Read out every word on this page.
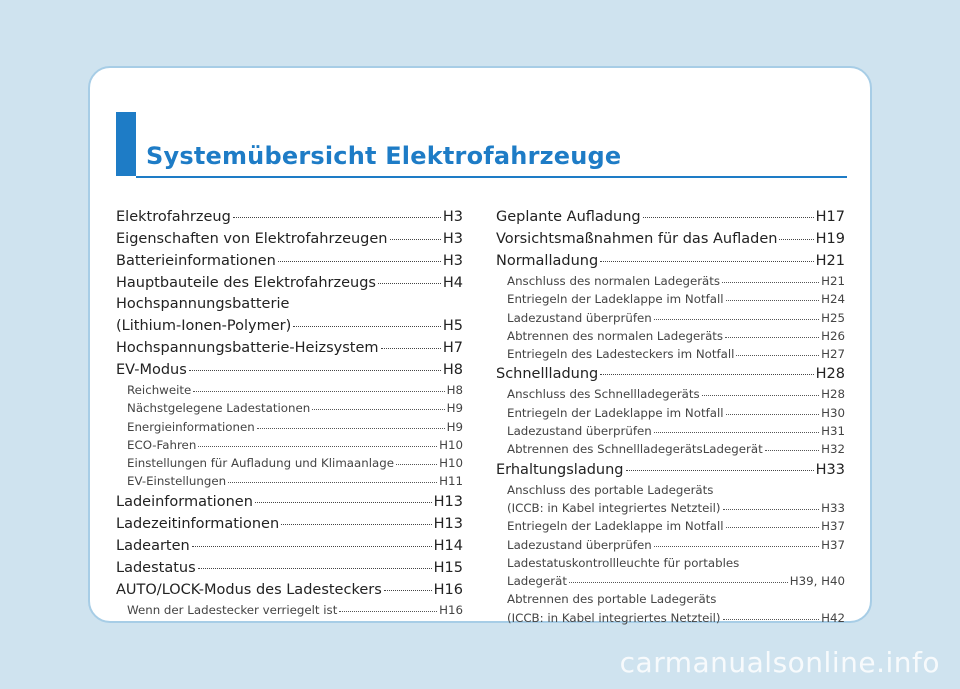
Systemübersicht Elektrofahrzeuge
Elektrofahrzeug	H3
Eigenschaften von Elektrofahrzeugen	H3
Batterieinformationen	H3
Hauptbauteile des Elektrofahrzeugs	H4
Hochspannungsbatterie
(Lithium-Ionen-Polymer)	H5
Hochspannungsbatterie-Heizsystem	H7
EV-Modus	H8
Reichweite	H8
Nächstgelegene Ladestationen	H9
Energieinformationen	H9
ECO-Fahren	H10
Einstellungen für Aufladung und Klimaanlage	H10
EV-Einstellungen	H11
Ladeinformationen	H13
Ladezeitinformationen	H13
Ladearten	H14
Ladestatus	H15
AUTO/LOCK-Modus des Ladesteckers	H16
Wenn der Ladestecker verriegelt ist	H16
Geplante Aufladung	H17
Vorsichtsmaßnahmen für das Aufladen	H19
Normalladung	H21
Anschluss des normalen Ladegeräts	H21
Entriegeln der Ladeklappe im Notfall	H24
Ladezustand überprüfen	H25
Abtrennen des normalen Ladegeräts	H26
Entriegeln des Ladesteckers im Notfall	H27
Schnellladung	H28
Anschluss des Schnellladegeräts	H28
Entriegeln der Ladeklappe im Notfall	H30
Ladezustand überprüfen	H31
Abtrennen des SchnellladegerätsLadegerät	H32
Erhaltungsladung	H33
Anschluss des portable Ladegeräts
(ICCB: in Kabel integriertes Netzteil)	H33
Entriegeln der Ladeklappe im Notfall	H37
Ladezustand überprüfen	H37
Ladestatuskontrollleuchte für portables
Ladegerät	H39, H40
Abtrennen des portable Ladegeräts
(ICCB: in Kabel integriertes Netzteil)	H42
carmanualsonline.info
